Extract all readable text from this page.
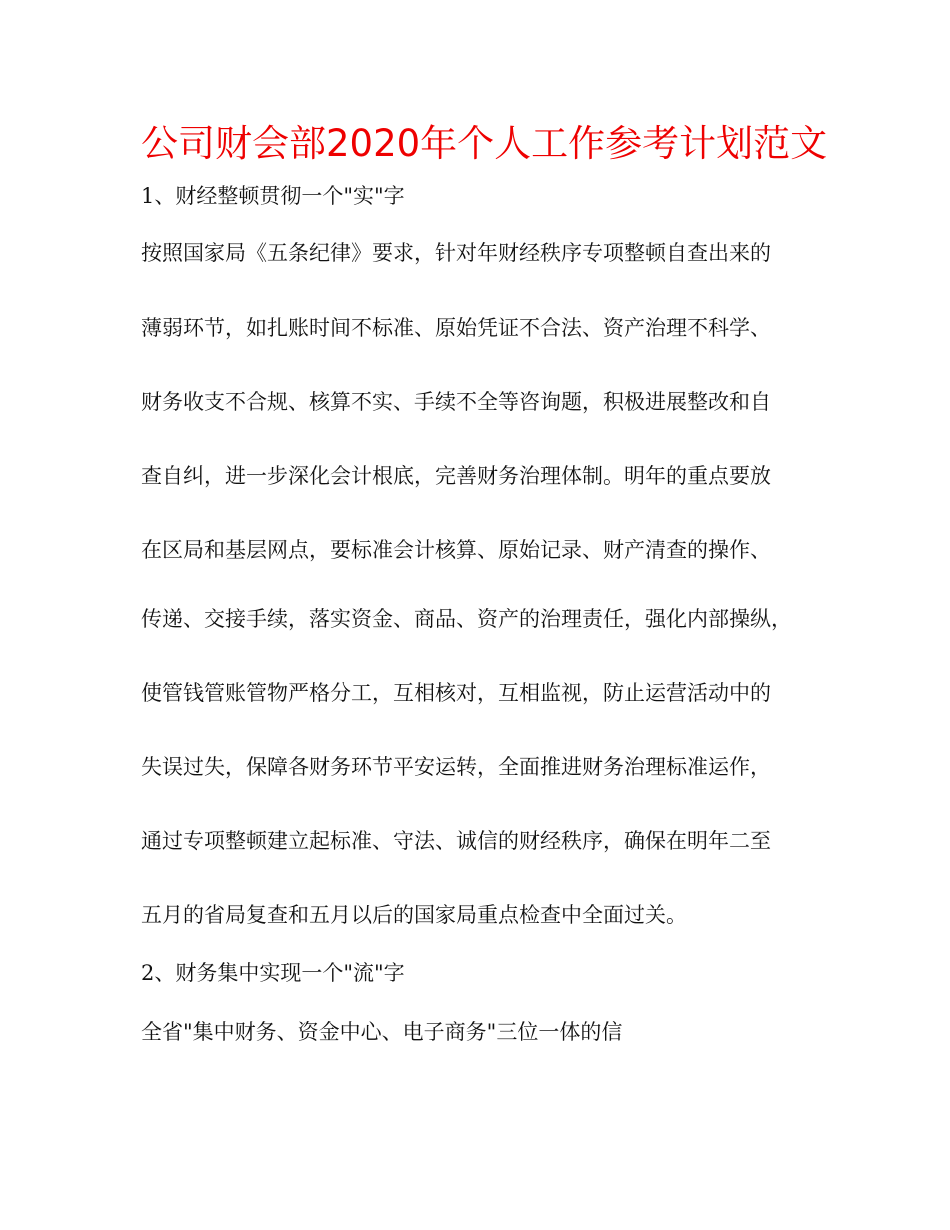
公司财会部2020年个人工作参考计划范文

1、财经整顿贯彻一个"实"字

按照国家局《五条纪律》要求，针对年财经秩序专项整顿自查出来的

薄弱环节，如扎账时间不标准、原始凭证不合法、资产治理不科学、

财务收支不合规、核算不实、手续不全等咨询题，积极进展整改和自

查自纠，进一步深化会计根底，完善财务治理体制。明年的重点要放

在区局和基层网点，要标准会计核算、原始记录、财产清查的操作、

传递、交接手续，落实资金、商品、资产的治理责任，强化内部操纵，

使管钱管账管物严格分工，互相核对，互相监视，防止运营活动中的

失误过失，保障各财务环节平安运转，全面推进财务治理标准运作，

通过专项整顿建立起标准、守法、诚信的财经秩序，确保在明年二至

五月的省局复查和五月以后的国家局重点检查中全面过关。

2、财务集中实现一个"流"字

全省"集中财务、资金中心、电子商务"三位一体的信
